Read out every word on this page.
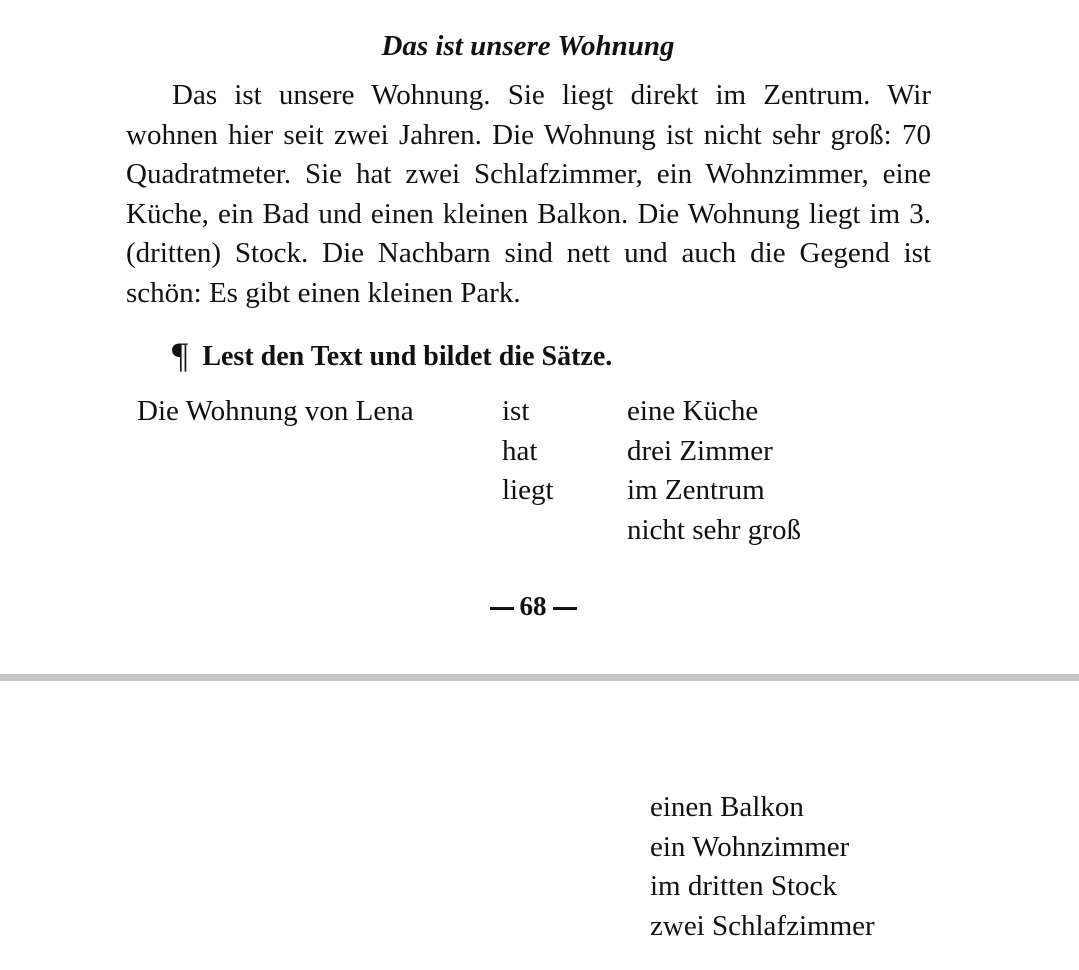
Das ist unsere Wohnung

Das ist unsere Wohnung. Sie liegt direkt im Zentrum. Wir wohnen hier seit zwei Jahren. Die Wohnung ist nicht sehr groß: 70 Quadratmeter. Sie hat zwei Schlafzimmer, ein Wohnzimmer, eine Küche, ein Bad und einen kleinen Balkon. Die Wohnung liegt im 3. (dritten) Stock. Die Nachbarn sind nett und auch die Gegend ist schön: Es gibt einen kleinen Park.

¶ Lest den Text und bildet die Sätze.
Die Wohnung von Lena	ist
hat
liegt
eine Küche
drei Zimmer
im Zentrum
nicht sehr groß
68
einen Balkon
ein Wohnzimmer
im dritten Stock
zwei Schlafzimmer
